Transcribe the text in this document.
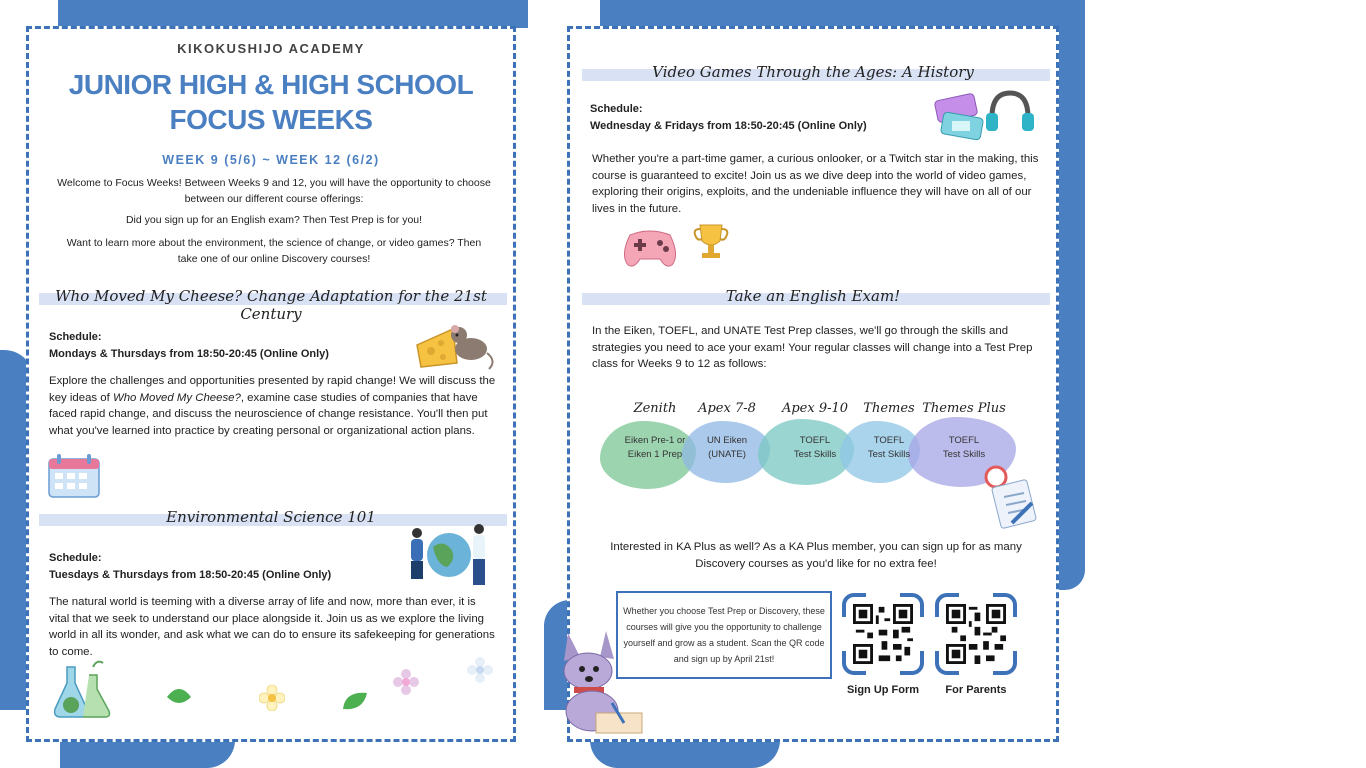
KIKOKUSHIJO ACADEMY
JUNIOR HIGH & HIGH SCHOOL
FOCUS WEEKS
WEEK 9 (5/6) ~ WEEK 12 (6/2)
Welcome to Focus Weeks! Between Weeks 9 and 12, you will have the opportunity to choose between our different course offerings:
Did you sign up for an English exam? Then Test Prep is for you!
Want to learn more about the environment, the science of change, or video games? Then take one of our online Discovery courses!
Who Moved My Cheese? Change Adaptation for the 21st Century
Schedule:
Mondays & Thursdays from 18:50-20:45 (Online Only)
Explore the challenges and opportunities presented by rapid change! We will discuss the key ideas of Who Moved My Cheese?, examine case studies of companies that have faced rapid change, and discuss the neuroscience of change resistance. You'll then put what you've learned into practice by creating personal or organizational action plans.
Environmental Science 101
Schedule:
Tuesdays & Thursdays from 18:50-20:45 (Online Only)
The natural world is teeming with a diverse array of life and now, more than ever, it is vital that we seek to understand our place alongside it. Join us as we explore the living world in all its wonder, and ask what we can do to ensure its safekeeping for generations to come.
Video Games Through the Ages: A History
Schedule:
Wednesday & Fridays from 18:50-20:45 (Online Only)
Whether you're a part-time gamer, a curious onlooker, or a Twitch star in the making, this course is guaranteed to excite! Join us as we dive deep into the world of video games, exploring their origins, exploits, and the undeniable influence they will have on all of our lives in the future.
Take an English Exam!
In the Eiken, TOEFL, and UNATE Test Prep classes, we'll go through the skills and strategies you need to ace your exam! Your regular classes will change into a Test Prep class for Weeks 9 to 12 as follows:
Zenith
Eiken Pre-1 or
Eiken 1 Prep
Apex 7-8
UN Eiken
(UNATE)
Apex 9-10
TOEFL
Test Skills
Themes
TOEFL
Test Skills
Themes Plus
TOEFL
Test Skills
Interested in KA Plus as well? As a KA Plus member, you can sign up for as many Discovery courses as you'd like for no extra fee!
Whether you choose Test Prep or Discovery, these courses will give you the opportunity to challenge yourself and grow as a student. Scan the QR code and sign up by April 21st!
Sign Up Form	For Parents
